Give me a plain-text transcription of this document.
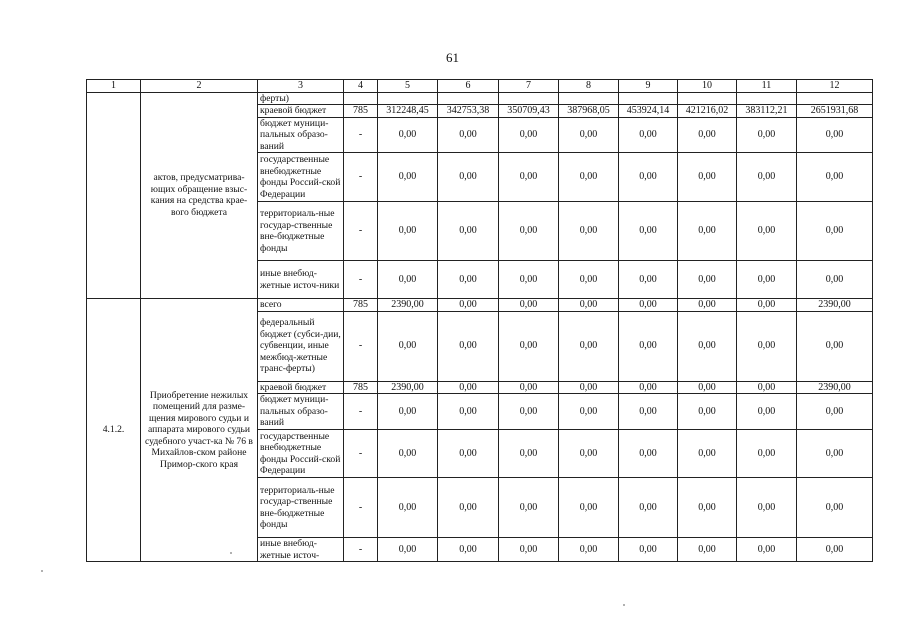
61
1	2	3	4	5	6	7	8	9	10	11	12
	актов, предусматрива-ющих обращение взыс-кания на средства крае-вого бюджета	ферты)									
		краевой бюджет	785	312248,45	342753,38	350709,43	387968,05	453924,14	421216,02	383112,21	2651931,68
		бюджет муници-пальных образо-ваний	-	0,00	0,00	0,00	0,00	0,00	0,00	0,00	0,00
		государственные внебюджетные фонды Россий-ской Федерации	-	0,00	0,00	0,00	0,00	0,00	0,00	0,00	0,00
		территориаль-ные государ-ственные вне-бюджетные фонды	-	0,00	0,00	0,00	0,00	0,00	0,00	0,00	0,00
		иные внебюд-жетные источ-ники	-	0,00	0,00	0,00	0,00	0,00	0,00	0,00	0,00
4.1.2.	Приобретение нежилых помещений для разме-щения мирового судьи и аппарата мирового судьи судебного участ-ка № 76 в Михайлов-ском районе Примор-ского края	всего	785	2390,00	0,00	0,00	0,00	0,00	0,00	0,00	2390,00
		федеральный бюджет (субси-дии, субвенции, иные межбюд-жетные транс-ферты)	-	0,00	0,00	0,00	0,00	0,00	0,00	0,00	0,00
		краевой бюджет	785	2390,00	0,00	0,00	0,00	0,00	0,00	0,00	2390,00
		бюджет муници-пальных образо-ваний	-	0,00	0,00	0,00	0,00	0,00	0,00	0,00	0,00
		государственные внебюджетные фонды Россий-ской Федерации	-	0,00	0,00	0,00	0,00	0,00	0,00	0,00	0,00
		территориаль-ные государ-ственные вне-бюджетные фонды	-	0,00	0,00	0,00	0,00	0,00	0,00	0,00	0,00
		иные внебюд-жетные источ-	-	0,00	0,00	0,00	0,00	0,00	0,00	0,00	0,00
